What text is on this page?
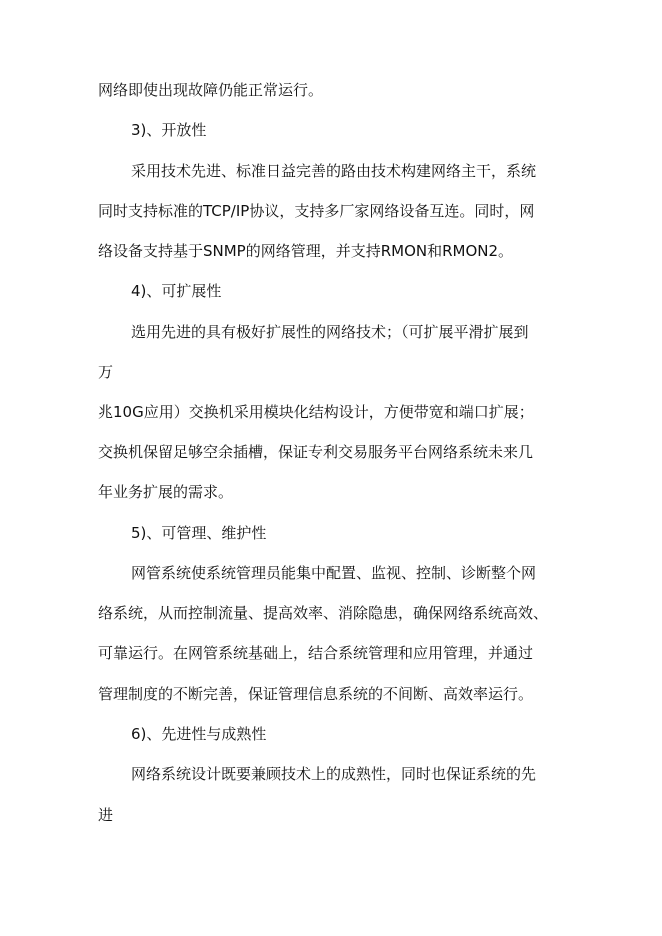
网络即使出现故障仍能正常运行。
3)、开放性
采用技术先进、标准日益完善的路由技术构建网络主干，系统
同时支持标准的TCP/IP协议，支持多厂家网络设备互连。同时，网
络设备支持基于SNMP的网络管理，并支持RMON和RMON2。
4)、可扩展性
选用先进的具有极好扩展性的网络技术；（可扩展平滑扩展到
万
兆10G应用）交换机采用模块化结构设计，方便带宽和端口扩展；
交换机保留足够空余插槽，保证专利交易服务平台网络系统未来几
年业务扩展的需求。
5)、可管理、维护性
网管系统使系统管理员能集中配置、监视、控制、诊断整个网
络系统，从而控制流量、提高效率、消除隐患，确保网络系统高效、
可靠运行。在网管系统基础上，结合系统管理和应用管理，并通过
管理制度的不断完善，保证管理信息系统的不间断、高效率运行。
6)、先进性与成熟性
网络系统设计既要兼顾技术上的成熟性，同时也保证系统的先
进
